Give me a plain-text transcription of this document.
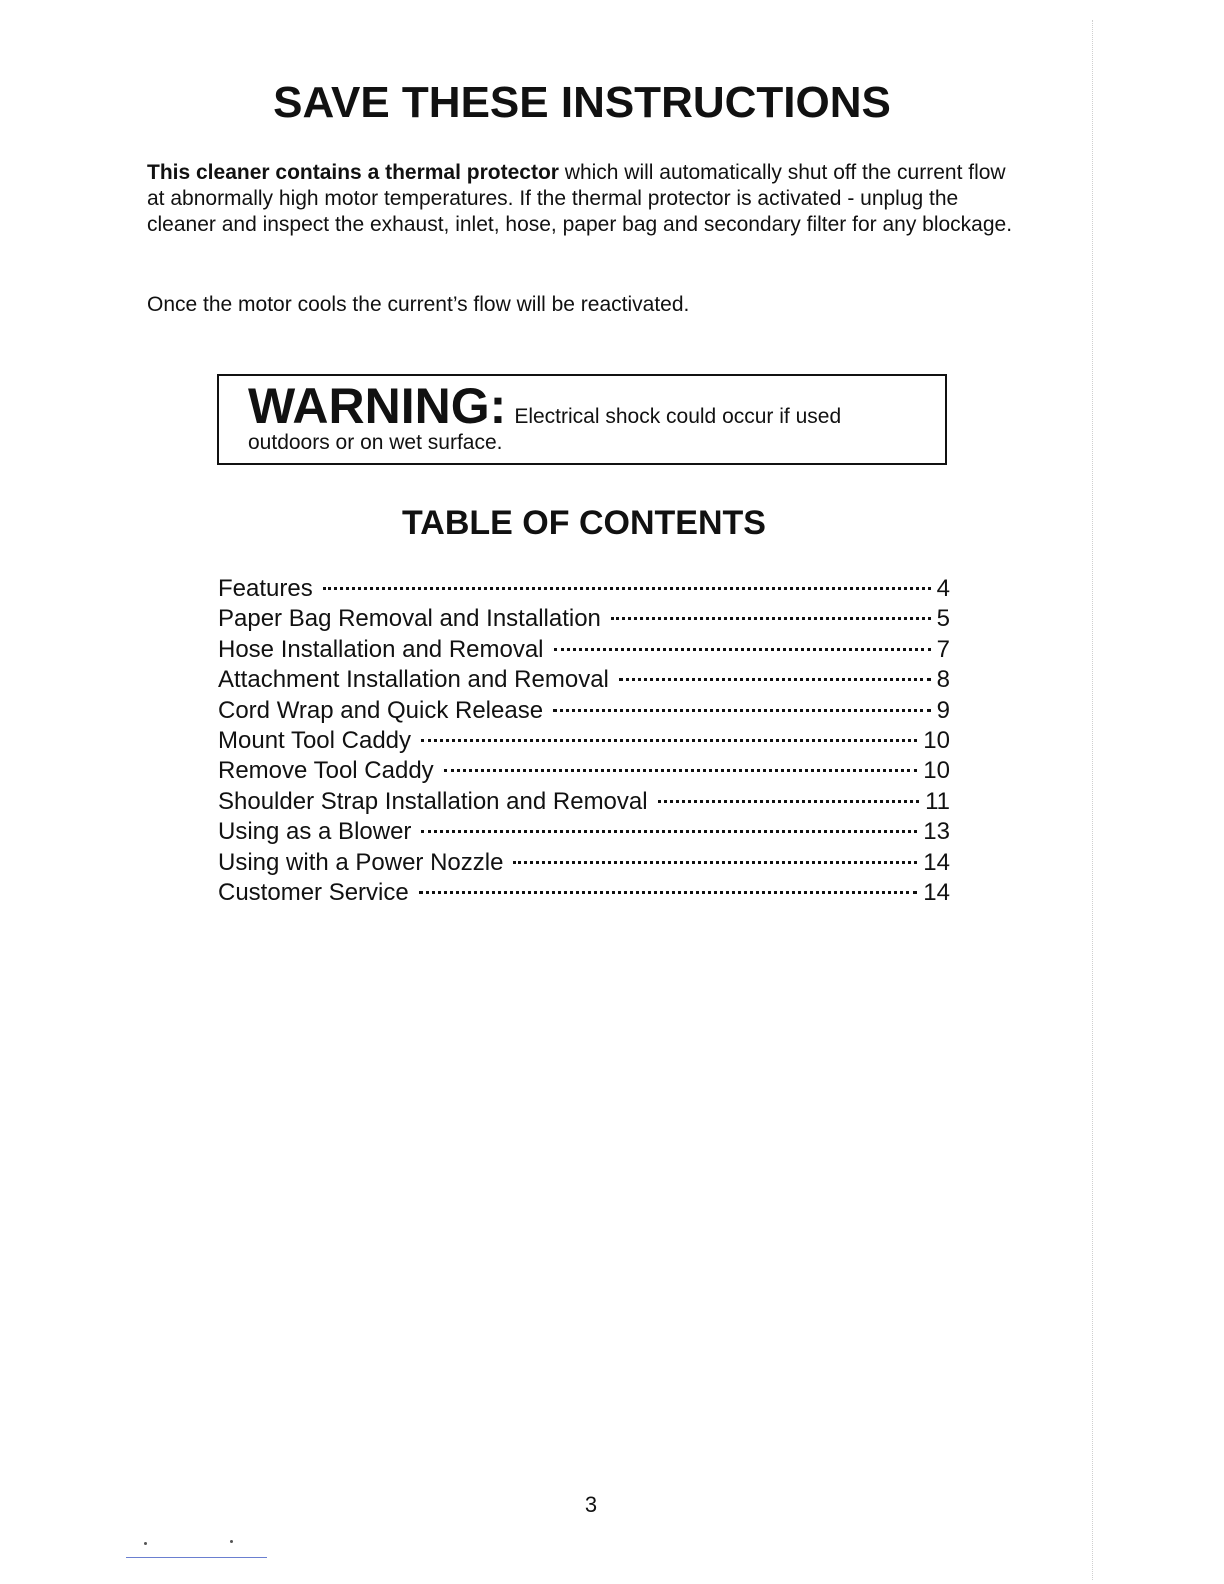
SAVE THESE INSTRUCTIONS

This cleaner contains a thermal protector which will automatically shut off the current flow at abnormally high motor temperatures. If the thermal protector is activated - unplug the cleaner and inspect the exhaust, inlet, hose, paper bag and secondary filter for any blockage.

Once the motor cools the current’s flow will be reactivated.

WARNING: Electrical shock could occur if used
outdoors or on wet surface.
TABLE OF CONTENTS
Features	4
Paper Bag Removal and Installation	5
Hose Installation and Removal	7
Attachment Installation and Removal	8
Cord Wrap and Quick Release	9
Mount Tool Caddy	10
Remove Tool Caddy	10
Shoulder Strap Installation and Removal	11
Using as a Blower	13
Using with a Power Nozzle	14
Customer Service	14
3
